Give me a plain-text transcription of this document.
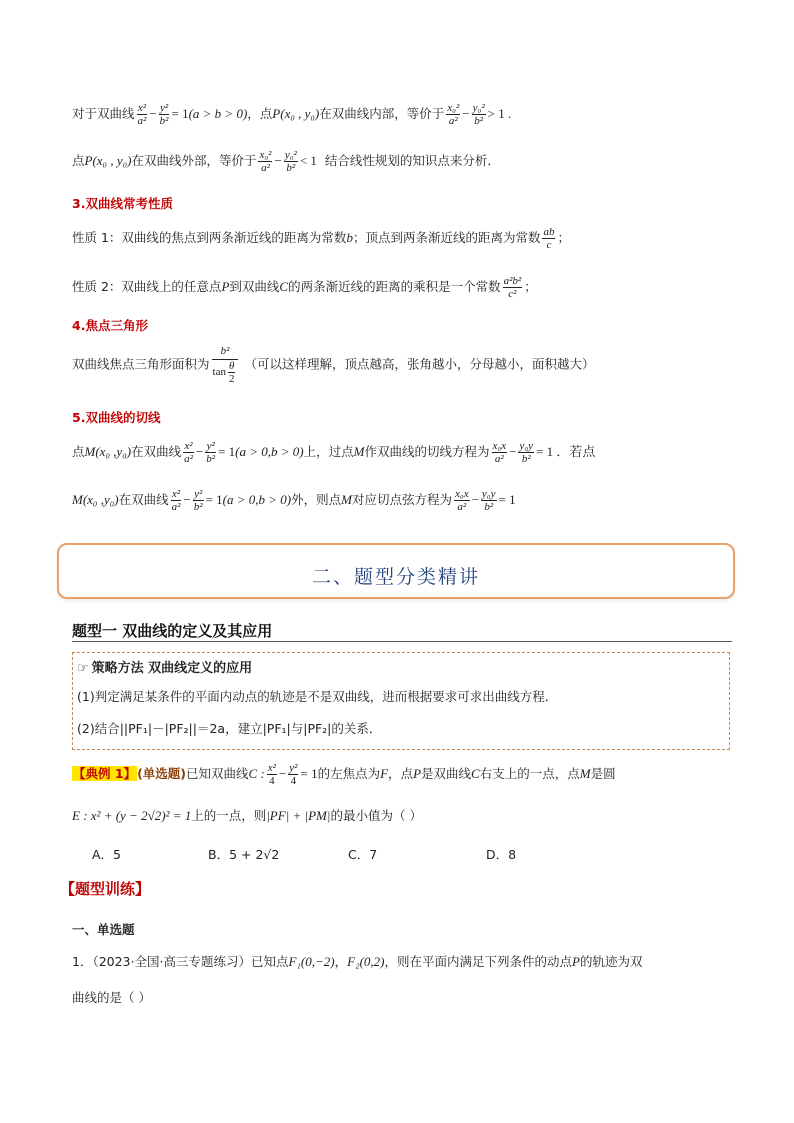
对于双曲线 $\frac{\text{x²}}{\text{a²}} - \frac{\text{y²}}{\text{b²}} = 1(a > b > 0)$，点P(x₀ , y₀)在双曲线内部，等价于 $\frac{\text{x₀²}}{\text{a²}} - \frac{\text{y₀²}}{\text{b²}} > 1$ .
点P(x₀ , y₀)在双曲线外部，等价于 $\frac{\text{x₀²}}{\text{a²}} - \frac{\text{y₀²}}{\text{b²}} < 1$ 结合线性规划的知识点来分析．
3.双曲线常考性质
性质 1：双曲线的焦点到两条渐近线的距离为常数b；顶点到两条渐近线的距离为常数 $\frac{ab}{c}$ ；
性质 2：双曲线上的任意点P到双曲线C的两条渐近线的距离的乘积是一个常数 $\frac{\text{a²b²}}{\text{c²}}$ ；
4.焦点三角形
双曲线焦点三角形面积为 $\frac{\text{b²}}{\tan \frac{\theta}{2}}$ （可以这样理解，顶点越高，张角越小，分母越小，面积越大）
5.双曲线的切线
点M(x₀ ,y₀)在双曲线 $\frac{\text{x²}}{\text{a²}} - \frac{\text{y²}}{\text{b²}} = 1(a > 0,b > 0)$上，过点M作双曲线的切线方程为 $\frac{\text{x₀x}}{\text{a²}} - \frac{\text{y₀y}}{\text{b²}} = 1$ ．若点
M(x₀ ,y₀)在双曲线 $\frac{\text{x²}}{\text{a²}} - \frac{\text{y²}}{\text{b²}} = 1(a > 0,b > 0)$外，则点M对应切点弦方程为 $\frac{\text{x₀x}}{\text{a²}} - \frac{\text{y₀y}}{\text{b²}} = 1$
二、题型分类精讲
题型一 双曲线的定义及其应用
☞ 策略方法 双曲线定义的应用
(1)判定满足某条件的平面内动点的轨迹是不是双曲线，进而根据要求可求出曲线方程．
(2)结合||PF₁|－|PF₂||＝2a，建立|PF₁|与|PF₂|的关系．
【典例 1】(单选题)已知双曲线C : $\frac{\text{x²}}{4} - \frac{\text{y²}}{4} = 1$的左焦点为F，点P是双曲线C右支上的一点，点M是圆
E : x² + (y − 2√2)² = 1上的一点，则|PF| + |PM|的最小值为（ ）
A．5	B．5 + 2√2	C．7	D．8
【题型训练】
一、单选题
1．（2023·全国·高三专题练习）已知点F₁(0,−2)，F₂(0,2)，则在平面内满足下列条件的动点P的轨迹为双
曲线的是（ ）
